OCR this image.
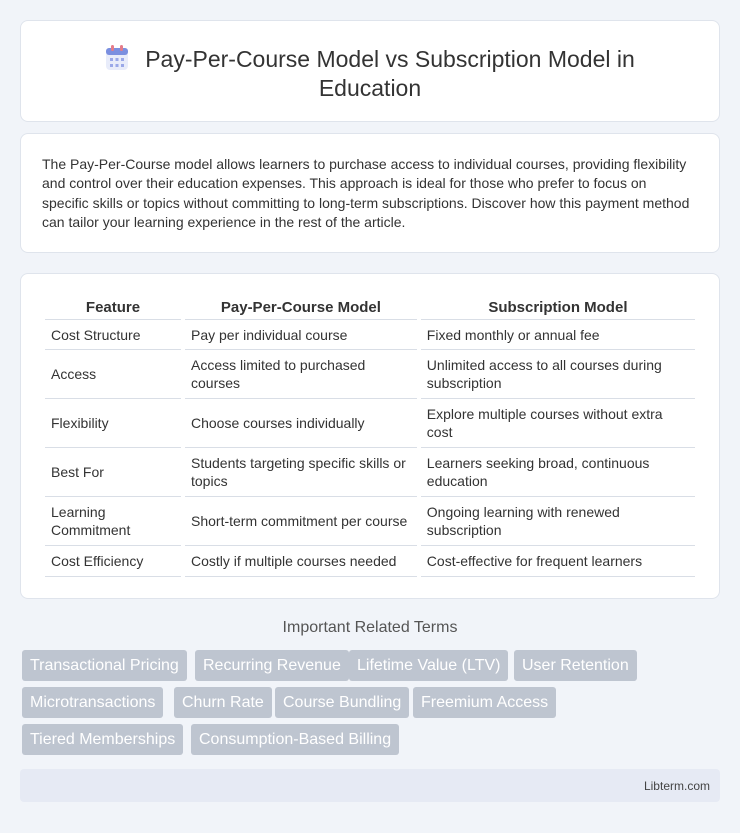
Pay-Per-Course Model vs Subscription Model in
Education

The Pay-Per-Course model allows learners to purchase access to individual courses, providing flexibility and control over their education expenses. This approach is ideal for those who prefer to focus on specific skills or topics without committing to long-term subscriptions. Discover how this payment method can tailor your learning experience in the rest of the article.

Feature	Pay-Per-Course Model	Subscription Model
Cost Structure	Pay per individual course	Fixed monthly or annual fee
Access	Access limited to purchased courses	Unlimited access to all courses during subscription
Flexibility	Choose courses individually	Explore multiple courses without extra cost
Best For	Students targeting specific skills or topics	Learners seeking broad, continuous education
Learning Commitment	Short-term commitment per course	Ongoing learning with renewed subscription
Cost Efficiency	Costly if multiple courses needed	Cost-effective for frequent learners
Important Related Terms
Transactional Pricing	Recurring Revenue	Lifetime Value (LTV)	User Retention
Microtransactions	Churn Rate	Course Bundling	Freemium Access
Tiered Memberships	Consumption-Based Billing
Libterm.com
